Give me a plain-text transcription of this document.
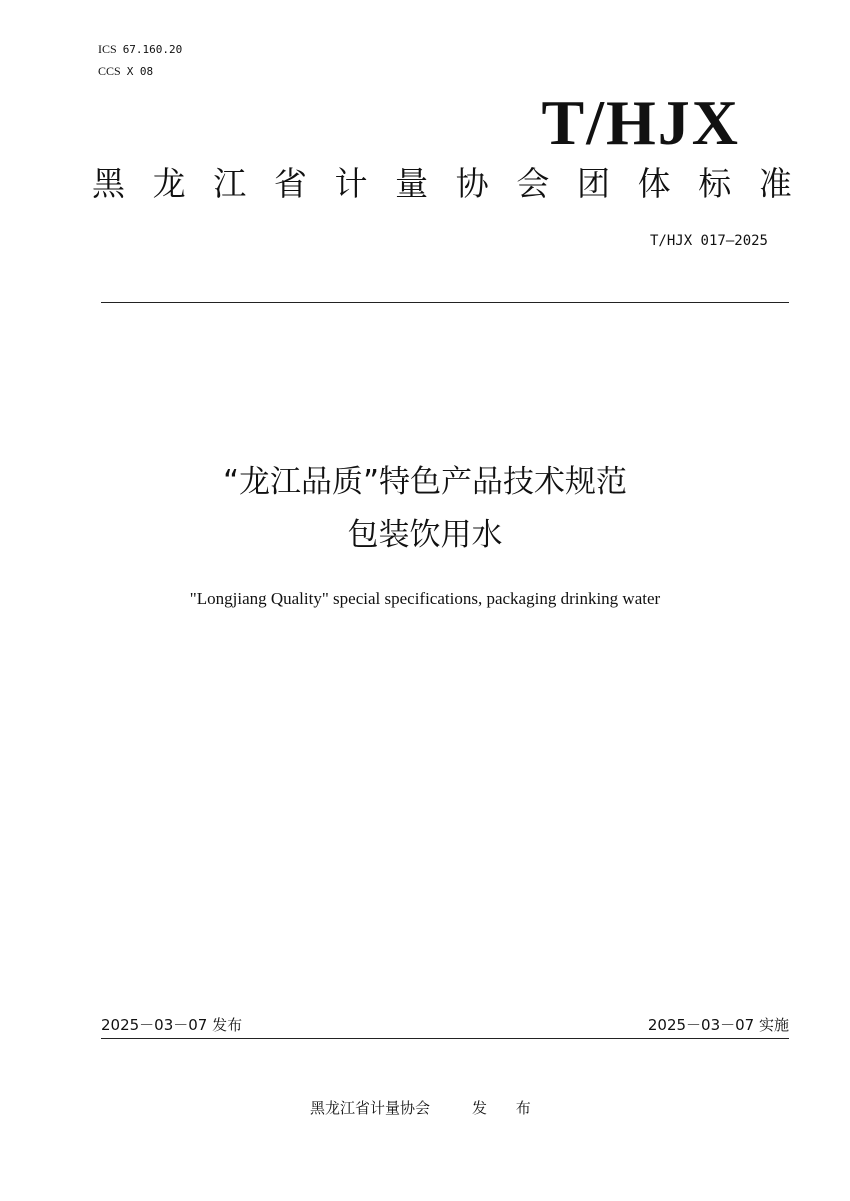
ICS 67.160.20
CCS X 08
T/HJX
黑 龙 江 省 计 量 协 会 团 体 标 准
T/HJX 017—2025
“龙江品质”特色产品技术规范
包装饮用水
"Longjiang Quality" special specifications, packaging drinking water
2025－03－07 发布	2025－03－07 实施
黑龙江省计量协会	发 布
